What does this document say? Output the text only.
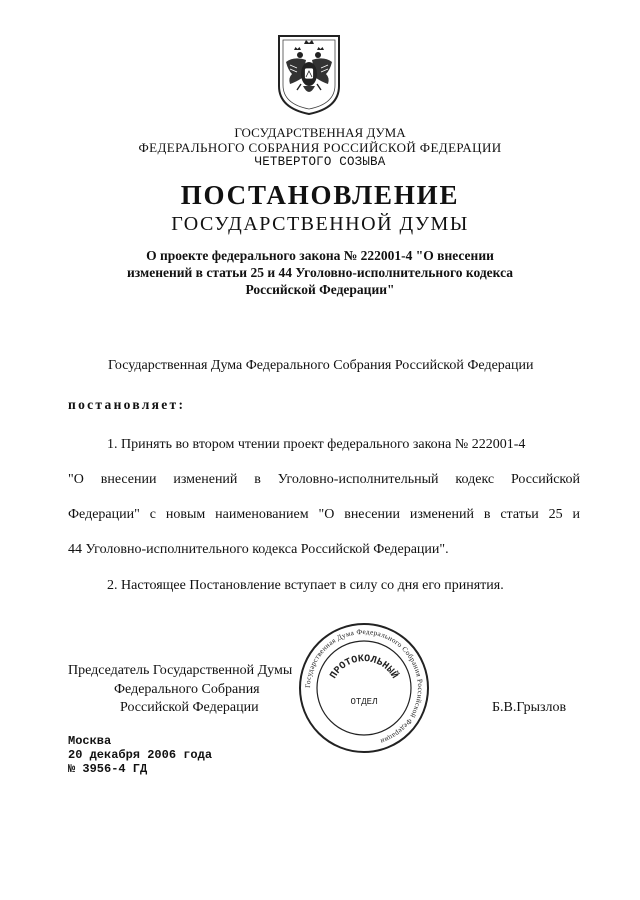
ГОСУДАРСТВЕННАЯ ДУМА
ФЕДЕРАЛЬНОГО СОБРАНИЯ РОССИЙСКОЙ ФЕДЕРАЦИИ
ЧЕТВЕРТОГО СОЗЫВА
ПОСТАНОВЛЕНИЕ
ГОСУДАРСТВЕННОЙ ДУМЫ
О проекте федерального закона № 222001-4 "О внесении
изменений в статьи 25 и 44 Уголовно-исполнительного кодекса
Российской Федерации"
Государственная Дума Федерального Собрания Российской Федерации
постановляет:
1. Принять во втором чтении проект федерального закона № 222001-4
"О внесении изменений в Уголовно-исполнительный кодекс Российской
Федерации" с новым наименованием "О внесении изменений в статьи 25 и
44 Уголовно-исполнительного кодекса Российской Федерации".
2. Настоящее Постановление вступает в силу со дня его принятия.
Председатель Государственной Думы
Федерального Собрания
Российской Федерации	Б.В.Грызлов
Государственная Дума Федерального Собрания Российской Федерации
ПРОТОКОЛЬНЫЙ
ОТДЕЛ
Москва
20 декабря 2006 года
№ 3956-4 ГД
